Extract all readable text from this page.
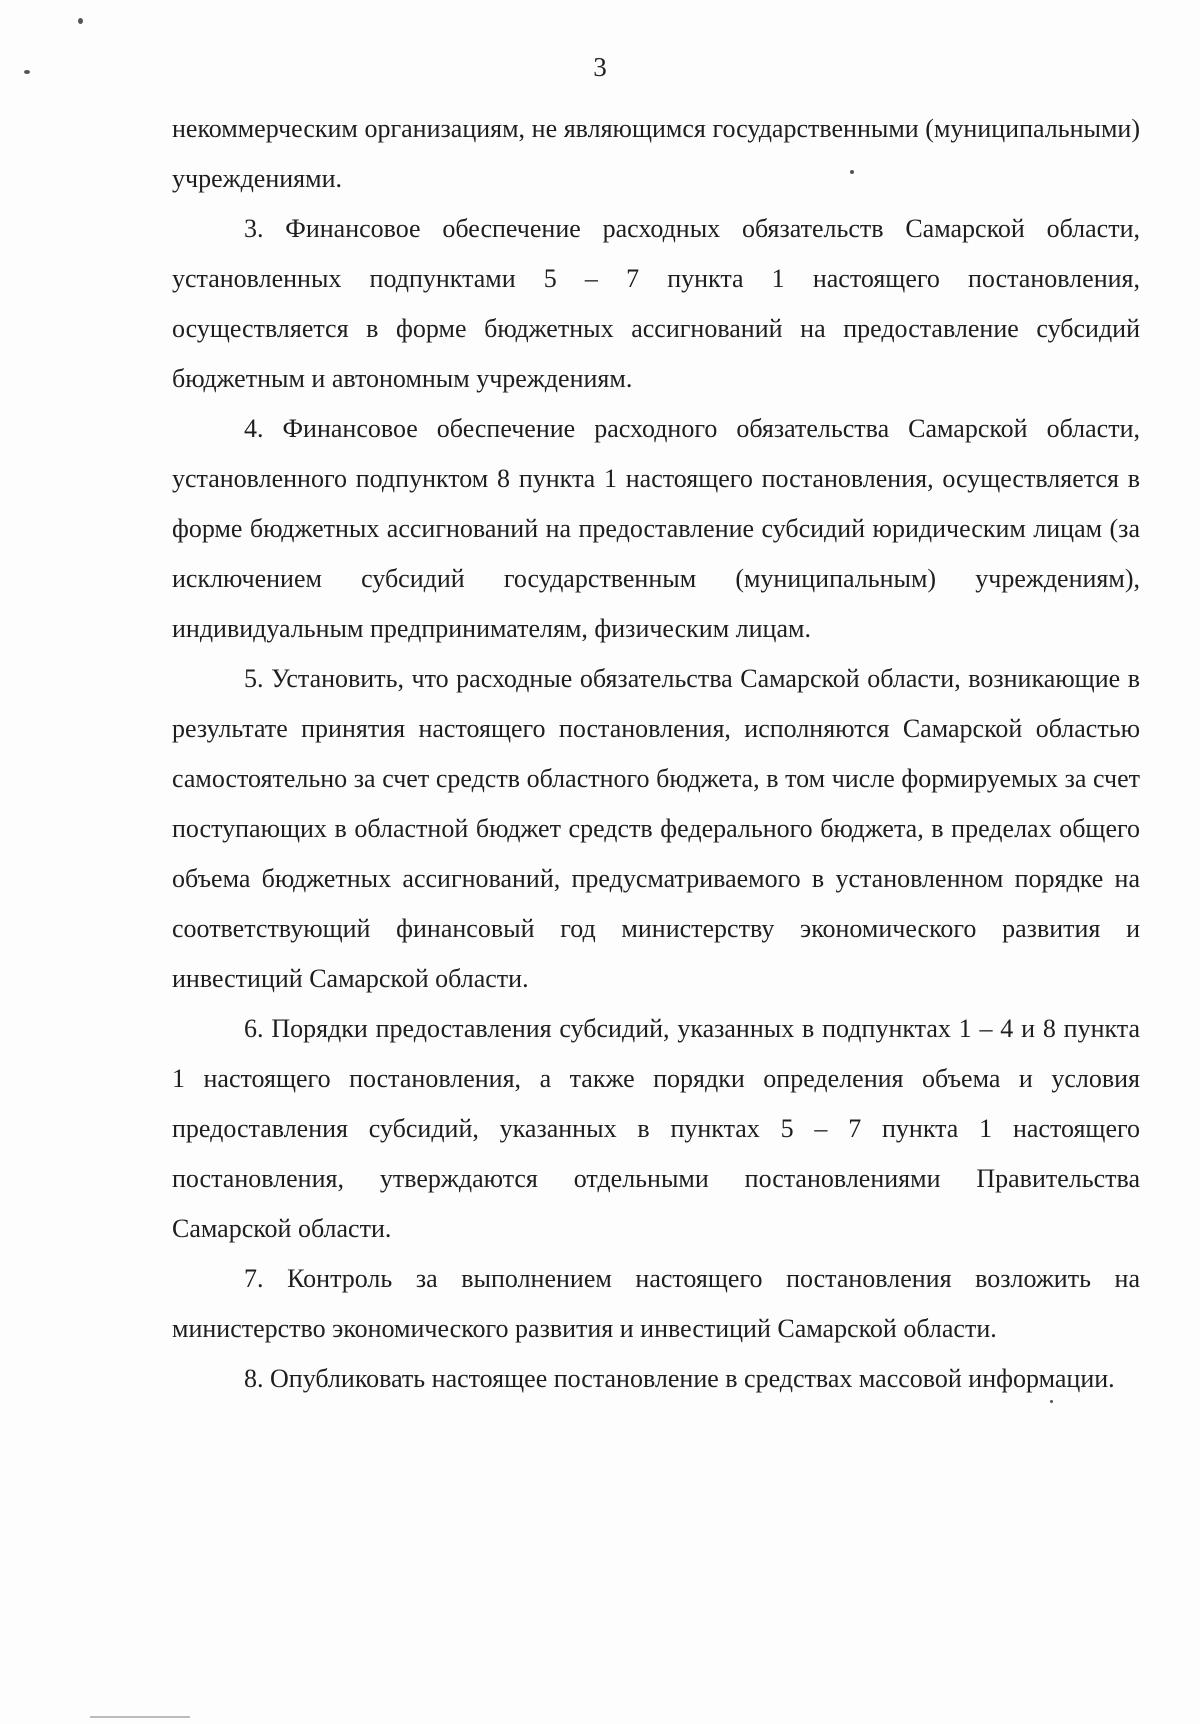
3

некоммерческим организациям, не являющимся государственными (муниципальными) учреждениями.

3. Финансовое обеспечение расходных обязательств Самарской области, установленных подпунктами 5 – 7 пункта 1 настоящего постановления, осуществляется в форме бюджетных ассигнований на предоставление субсидий бюджетным и автономным учреждениям.

4. Финансовое обеспечение расходного обязательства Самарской области, установленного подпунктом 8 пункта 1 настоящего постановления, осуществляется в форме бюджетных ассигнований на предоставление субсидий юридическим лицам (за исключением субсидий государственным (муниципальным) учреждениям), индивидуальным предпринимателям, физическим лицам.

5. Установить, что расходные обязательства Самарской области, возникающие в результате принятия настоящего постановления, исполняются Самарской областью самостоятельно за счет средств областного бюджета, в том числе формируемых за счет поступающих в областной бюджет средств федерального бюджета, в пределах общего объема бюджетных ассигнований, предусматриваемого в установленном порядке на соответствующий финансовый год министерству экономического развития и инвестиций Самарской области.

6. Порядки предоставления субсидий, указанных в подпунктах 1 – 4 и 8 пункта 1 настоящего постановления, а также порядки определения объема и условия предоставления субсидий, указанных в пунктах 5 – 7 пункта 1 настоящего постановления, утверждаются отдельными постановлениями Правительства Самарской области.

7. Контроль за выполнением настоящего постановления возложить на министерство экономического развития и инвестиций Самарской области.

8. Опубликовать настоящее постановление в средствах массовой информации.
